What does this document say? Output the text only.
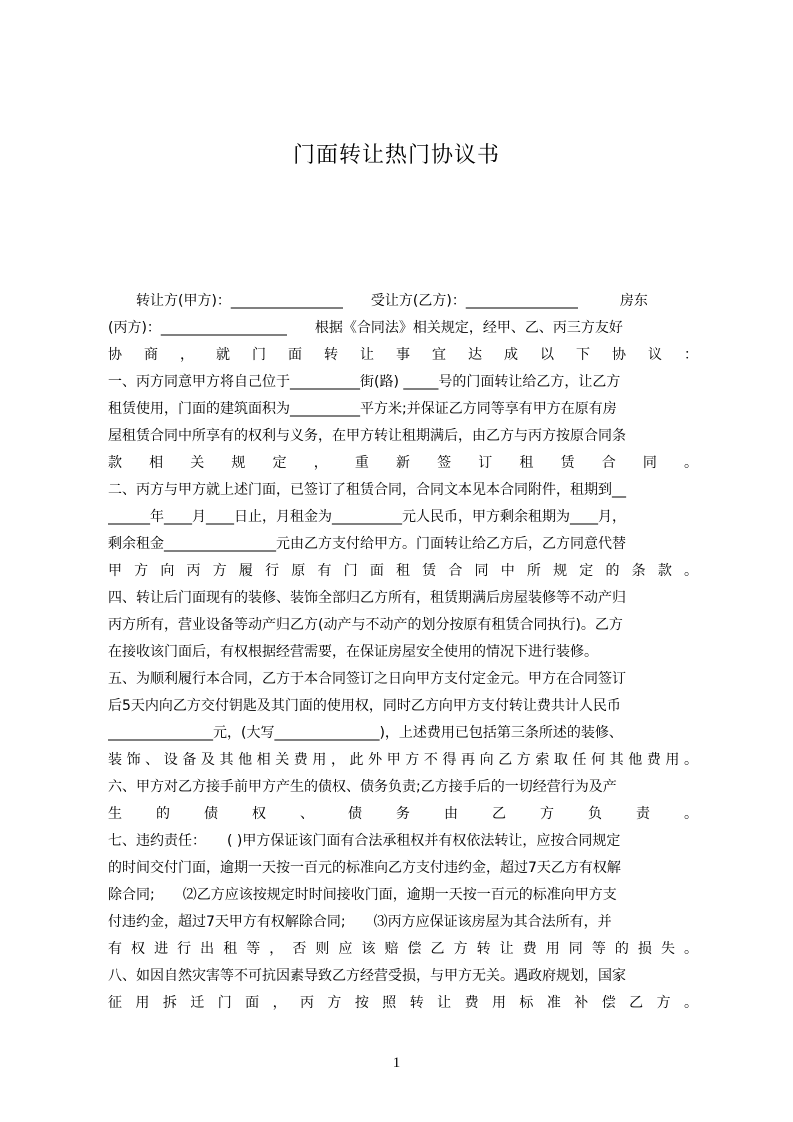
门面转让热门协议书
　　转让方(甲方)：________________　　受让方(乙方)：________________　　　房东
(丙方)：__________________　　根据《合同法》相关规定，经甲、乙、丙三方友好
协商，就门面转让事宜达成以下协议：
一、丙方同意甲方将自己位于__________街(路) _____号的门面转让给乙方，让乙方
租赁使用，门面的建筑面积为__________平方米;并保证乙方同等享有甲方在原有房
屋租赁合同中所享有的权利与义务，在甲方转让租期满后，由乙方与丙方按原合同条
款相关规定，重新签订租赁合同。
二、丙方与甲方就上述门面，已签订了租赁合同，合同文本见本合同附件，租期到__
______年____月____日止，月租金为__________元人民币，甲方剩余租期为____月，
剩余租金________________元由乙方支付给甲方。门面转让给乙方后，乙方同意代替
甲方向丙方履行原有门面租赁合同中所规定的条款。
四、转让后门面现有的装修、装饰全部归乙方所有，租赁期满后房屋装修等不动产归
丙方所有，营业设备等动产归乙方(动产与不动产的划分按原有租赁合同执行)。乙方
在接收该门面后，有权根据经营需要，在保证房屋安全使用的情况下进行装修。
五、为顺利履行本合同，乙方于本合同签订之日向甲方支付定金元。甲方在合同签订
后5天内向乙方交付钥匙及其门面的使用权，同时乙方向甲方支付转让费共计人民币
_______________元，(大写_______________)，上述费用已包括第三条所述的装修、
装饰、设备及其他相关费用，此外甲方不得再向乙方索取任何其他费用。
六、甲方对乙方接手前甲方产生的债权、债务负责;乙方接手后的一切经营行为及产
生的债权、债务由乙方负责。
七、违约责任：　　( )甲方保证该门面有合法承租权并有权依法转让，应按合同规定
的时间交付门面，逾期一天按一百元的标准向乙方支付违约金，超过7天乙方有权解
除合同;　　⑵乙方应该按规定时时间接收门面，逾期一天按一百元的标准向甲方支
付违约金，超过7天甲方有权解除合同;　　⑶丙方应保证该房屋为其合法所有，并
有权进行出租等，否则应该赔偿乙方转让费用同等的损失。
八、如因自然灾害等不可抗因素导致乙方经营受损，与甲方无关。遇政府规划，国家
征用拆迁门面，丙方按照转让费用标准补偿乙方。
1
